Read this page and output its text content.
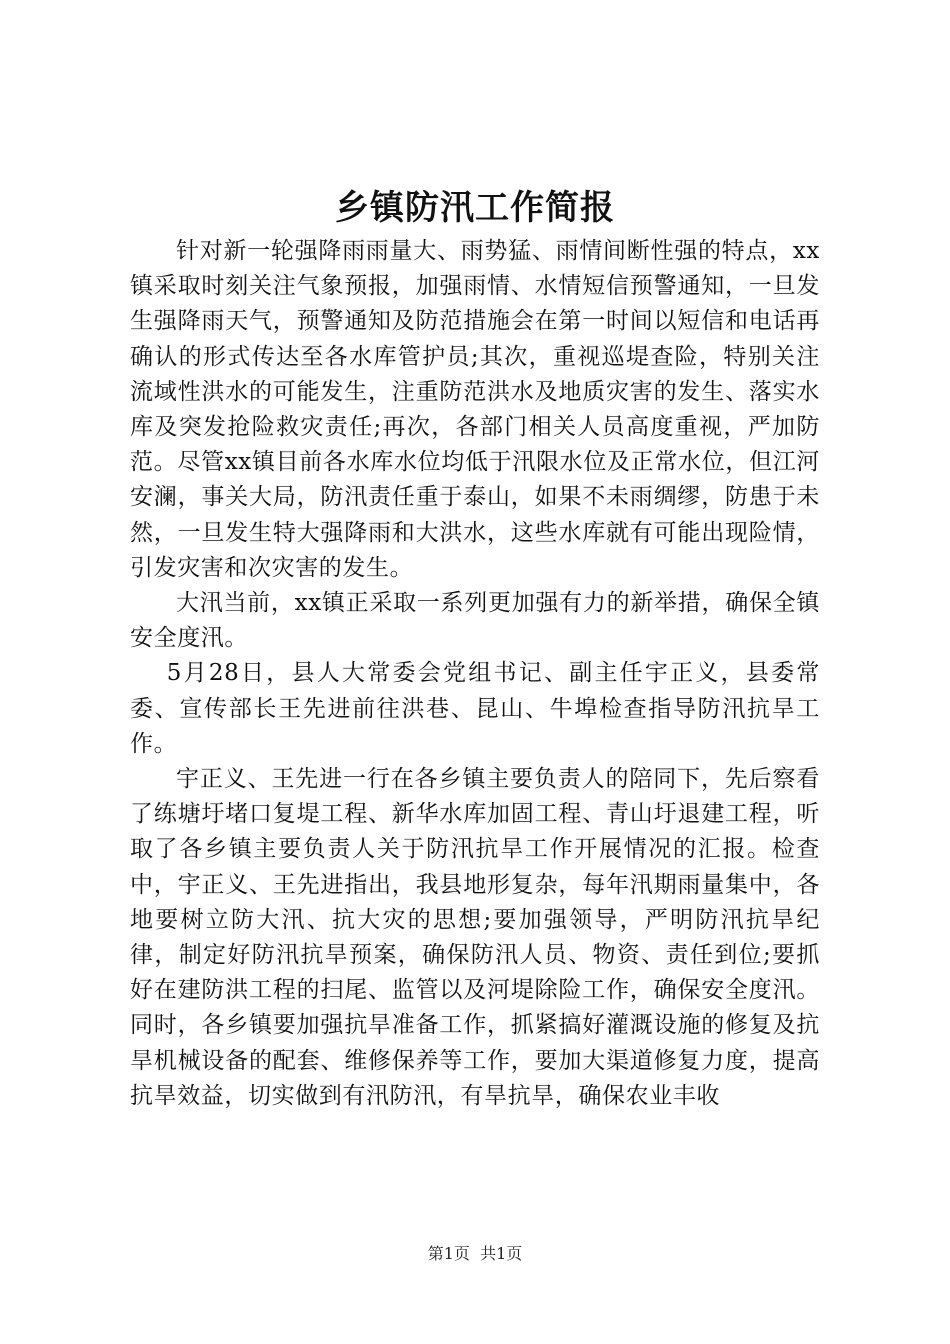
乡镇防汛工作简报

针对新一轮强降雨雨量大、雨势猛、雨情间断性强的特点，xx镇采取时刻关注气象预报，加强雨情、水情短信预警通知，一旦发生强降雨天气，预警通知及防范措施会在第一时间以短信和电话再确认的形式传达至各水库管护员;其次，重视巡堤查险，特别关注流域性洪水的可能发生，注重防范洪水及地质灾害的发生、落实水库及突发抢险救灾责任;再次，各部门相关人员高度重视，严加防范。尽管xx镇目前各水库水位均低于汛限水位及正常水位，但江河安澜，事关大局，防汛责任重于泰山，如果不未雨绸缪，防患于未然，一旦发生特大强降雨和大洪水，这些水库就有可能出现险情，引发灾害和次灾害的发生。

大汛当前，xx镇正采取一系列更加强有力的新举措，确保全镇安全度汛。

5月28日，县人大常委会党组书记、副主任宇正义，县委常委、宣传部长王先进前往洪巷、昆山、牛埠检查指导防汛抗旱工作。

宇正义、王先进一行在各乡镇主要负责人的陪同下，先后察看了练塘圩堵口复堤工程、新华水库加固工程、青山圩退建工程，听取了各乡镇主要负责人关于防汛抗旱工作开展情况的汇报。检查中，宇正义、王先进指出，我县地形复杂，每年汛期雨量集中，各地要树立防大汛、抗大灾的思想;要加强领导，严明防汛抗旱纪律，制定好防汛抗旱预案，确保防汛人员、物资、责任到位;要抓好在建防洪工程的扫尾、监管以及河堤除险工作，确保安全度汛。同时，各乡镇要加强抗旱准备工作，抓紧搞好灌溉设施的修复及抗旱机械设备的配套、维修保养等工作，要加大渠道修复力度，提高抗旱效益，切实做到有汛防汛，有旱抗旱，确保农业丰收

第1页  共1页
